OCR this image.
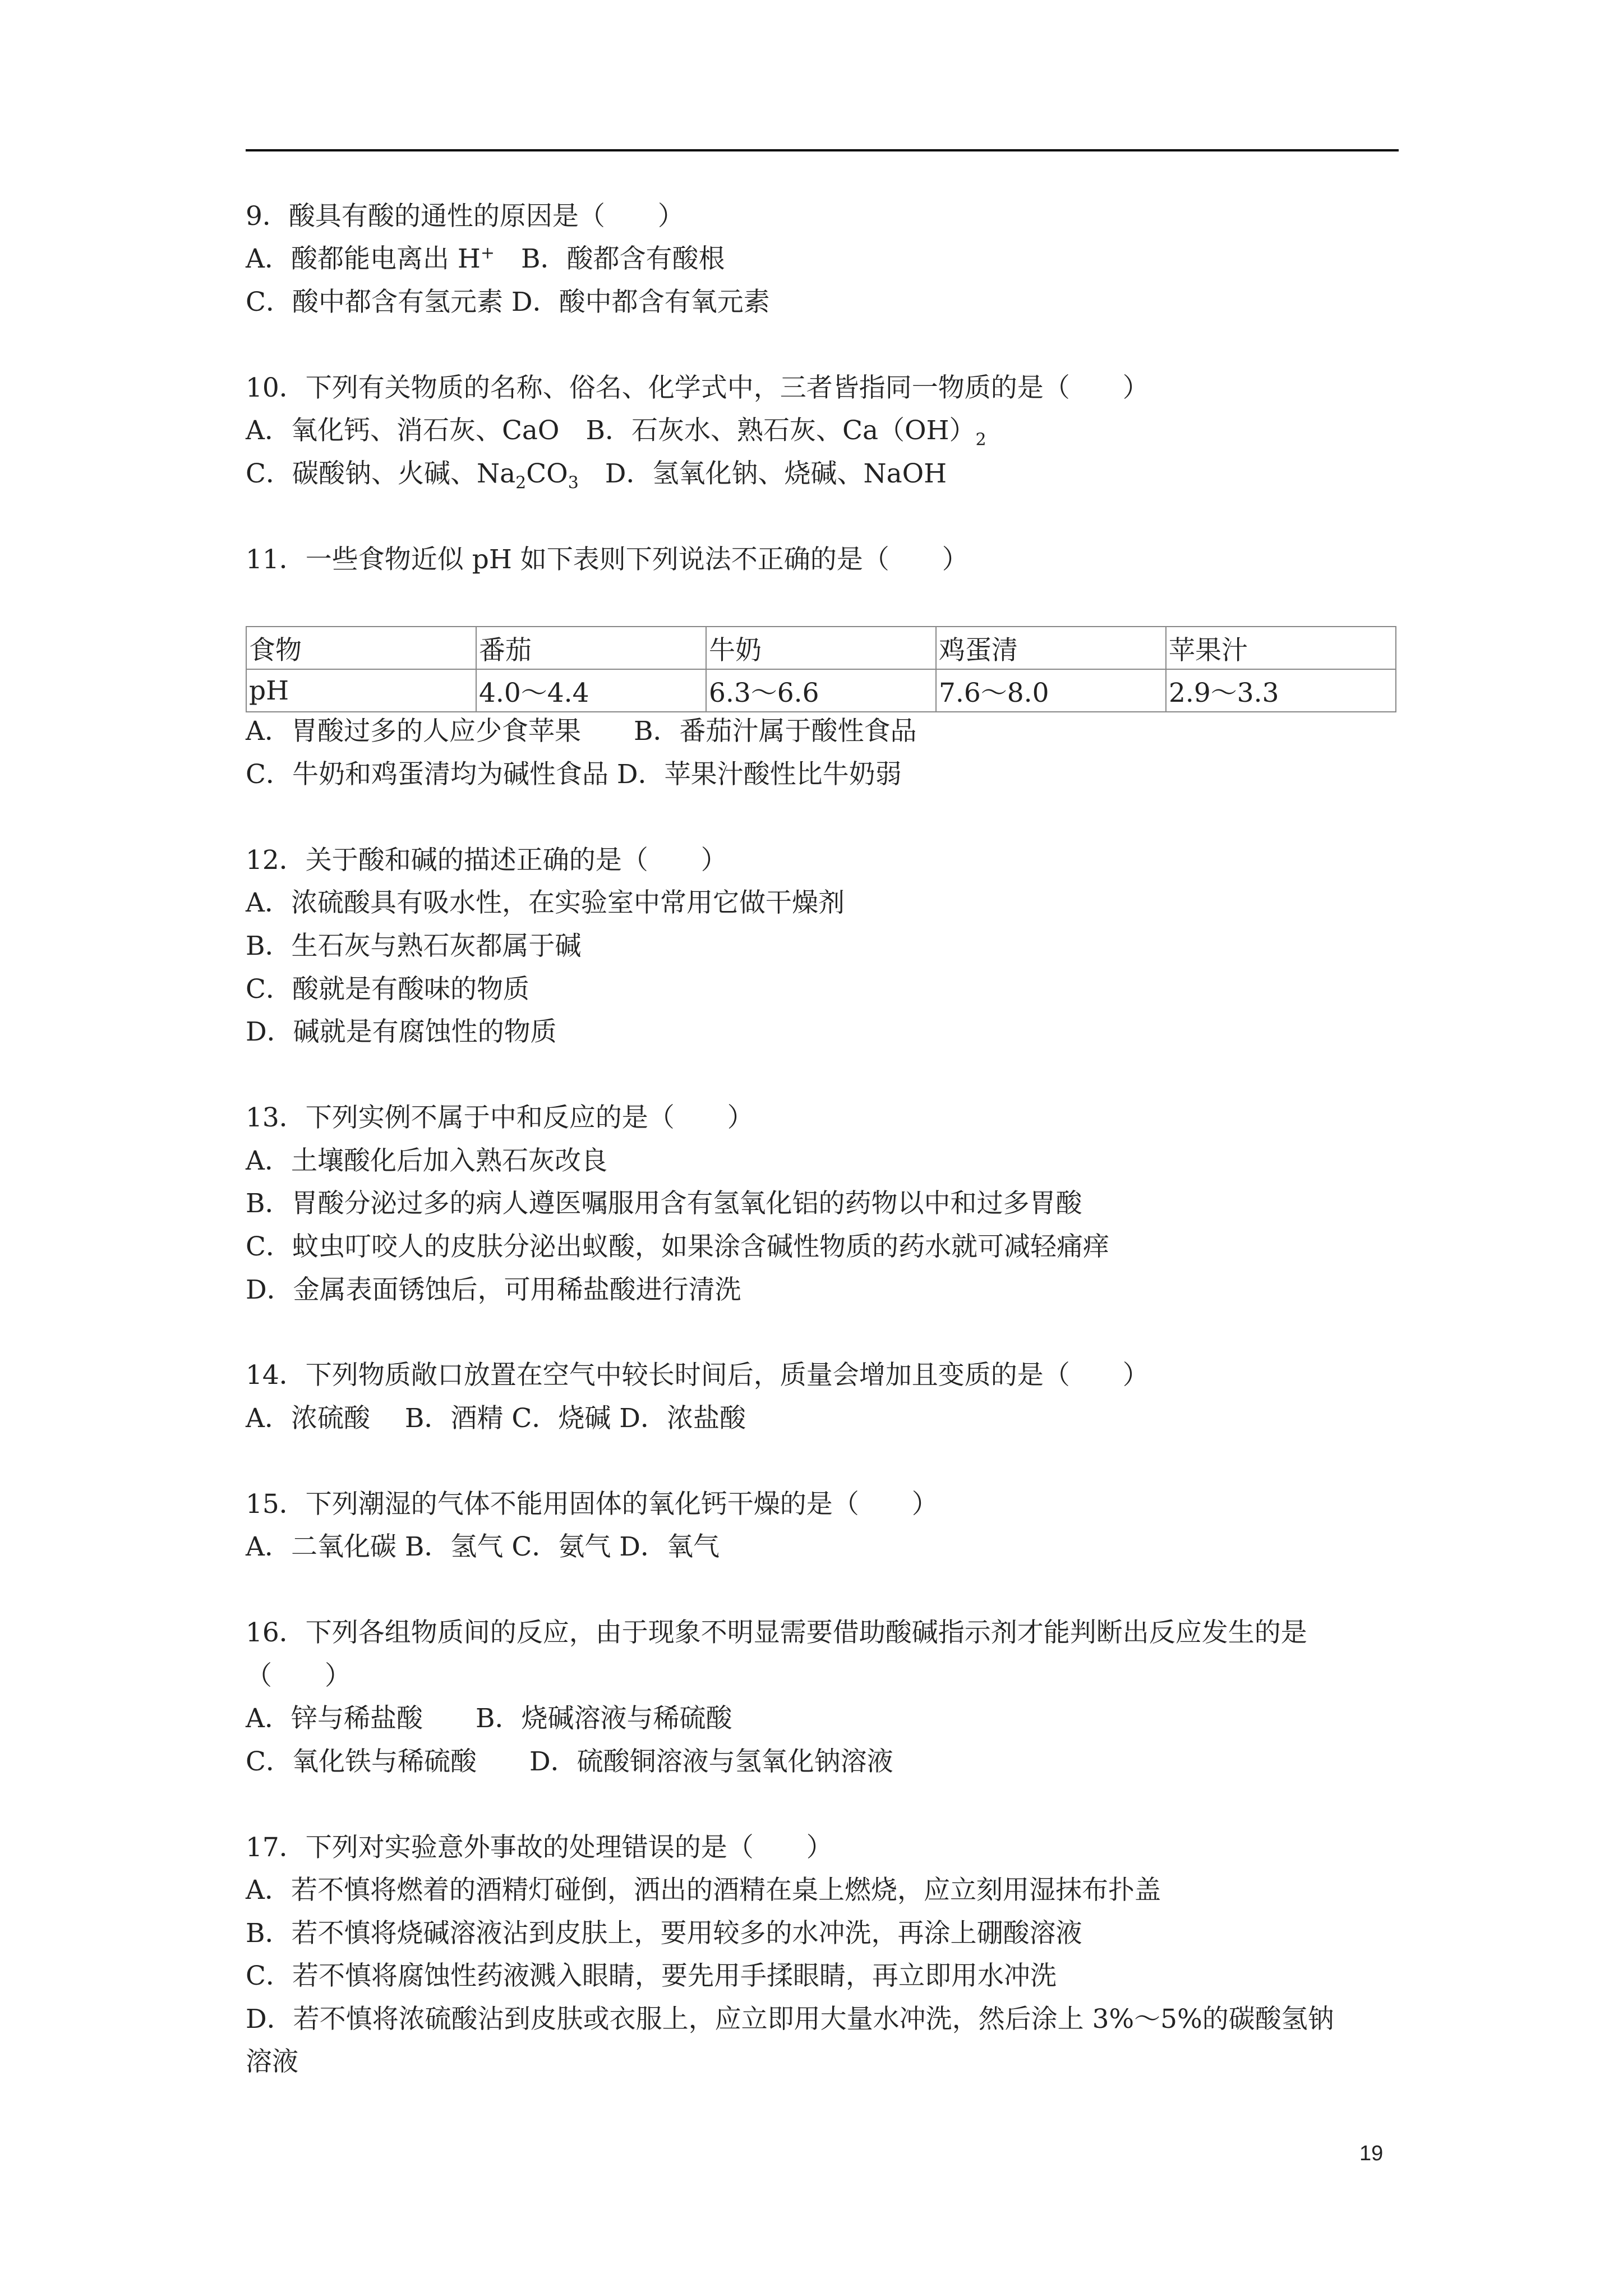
9．酸具有酸的通性的原因是（　　）
A．酸都能电离出 H+　B．酸都含有酸根
C．酸中都含有氢元素 D．酸中都含有氧元素
10．下列有关物质的名称、俗名、化学式中，三者皆指同一物质的是（　　）
A．氧化钙、消石灰、CaO　B．石灰水、熟石灰、$Ca(OH)_2$
C．碳酸钠、火碱、$Na_2CO_3$　D．氢氧化钠、烧碱、NaOH
11．一些食物近似 pH 如下表则下列说法不正确的是（　　）
食物	番茄	牛奶	鸡蛋清	苹果汁
pH	4.0～4.4	6.3～6.6	7.6～8.0	2.9～3.3
A．胃酸过多的人应少食苹果　　B．番茄汁属于酸性食品
C．牛奶和鸡蛋清均为碱性食品 D．苹果汁酸性比牛奶弱
12．关于酸和碱的描述正确的是（　　）
A．浓硫酸具有吸水性，在实验室中常用它做干燥剂
B．生石灰与熟石灰都属于碱
C．酸就是有酸味的物质
D．碱就是有腐蚀性的物质
13．下列实例不属于中和反应的是（　　）
A．土壤酸化后加入熟石灰改良
B．胃酸分泌过多的病人遵医嘱服用含有氢氧化铝的药物以中和过多胃酸
C．蚊虫叮咬人的皮肤分泌出蚁酸，如果涂含碱性物质的药水就可减轻痛痒
D．金属表面锈蚀后，可用稀盐酸进行清洗
14．下列物质敞口放置在空气中较长时间后，质量会增加且变质的是（　　）
A．浓硫酸　 B．酒精 C．烧碱 D．浓盐酸
15．下列潮湿的气体不能用固体的氧化钙干燥的是（　　）
A．二氧化碳 B．氢气 C．氨气 D．氧气
16．下列各组物质间的反应，由于现象不明显需要借助酸碱指示剂才能判断出反应发生的是
（　　）
A．锌与稀盐酸　　B．烧碱溶液与稀硫酸
C．氧化铁与稀硫酸　　D．硫酸铜溶液与氢氧化钠溶液
17．下列对实验意外事故的处理错误的是（　　）
A．若不慎将燃着的酒精灯碰倒，洒出的酒精在桌上燃烧，应立刻用湿抹布扑盖
B．若不慎将烧碱溶液沾到皮肤上，要用较多的水冲洗，再涂上硼酸溶液
C．若不慎将腐蚀性药液溅入眼睛，要先用手揉眼睛，再立即用水冲洗
D．若不慎将浓硫酸沾到皮肤或衣服上，应立即用大量水冲洗，然后涂上 3%～5%的碳酸氢钠
溶液
19
